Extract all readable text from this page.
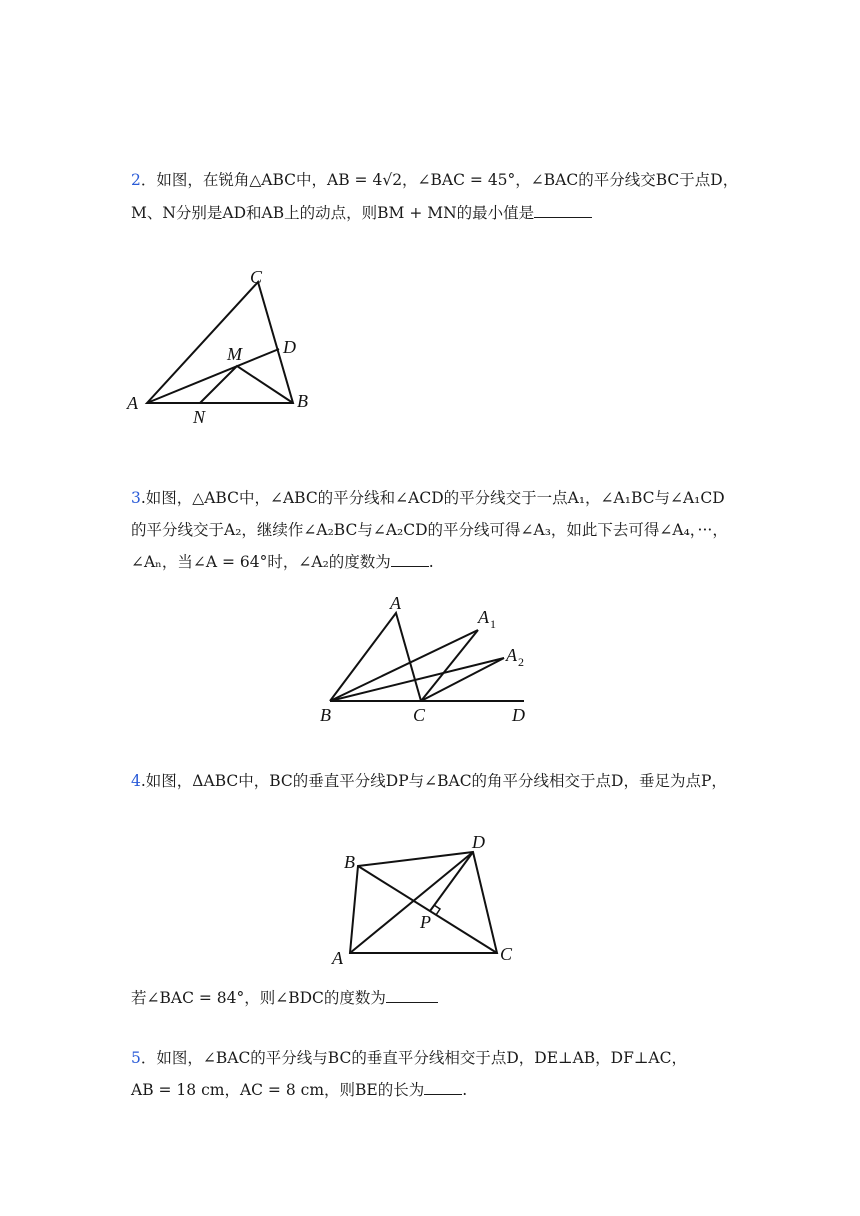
2．如图，在锐角△ABC中，AB = 4√2，∠BAC = 45°，∠BAC的平分线交BC于点D，
M、N分别是AD和AB上的动点，则BM + MN的最小值是
C
D
M
A	B
N
3.如图，△ABC中，∠ABC的平分线和∠ACD的平分线交于一点A₁，∠A₁BC与∠A₁CD
的平分线交于A₂，继续作∠A₂BC与∠A₂CD的平分线可得∠A₃，如此下去可得∠A₄，···，
∠Aₙ，当∠A = 64°时，∠A₂的度数为 .
A
$A_1$
$A_2$
B	C	D
4.如图，ΔABC中，BC的垂直平分线DP与∠BAC的角平分线相交于点D，垂足为点P，
D
B
P
A	C
若∠BAC = 84°，则∠BDC的度数为
5．如图，∠BAC的平分线与BC的垂直平分线相交于点D，DE⊥AB，DF⊥AC，
AB = 18 cm，AC = 8 cm，则BE的长为 .
